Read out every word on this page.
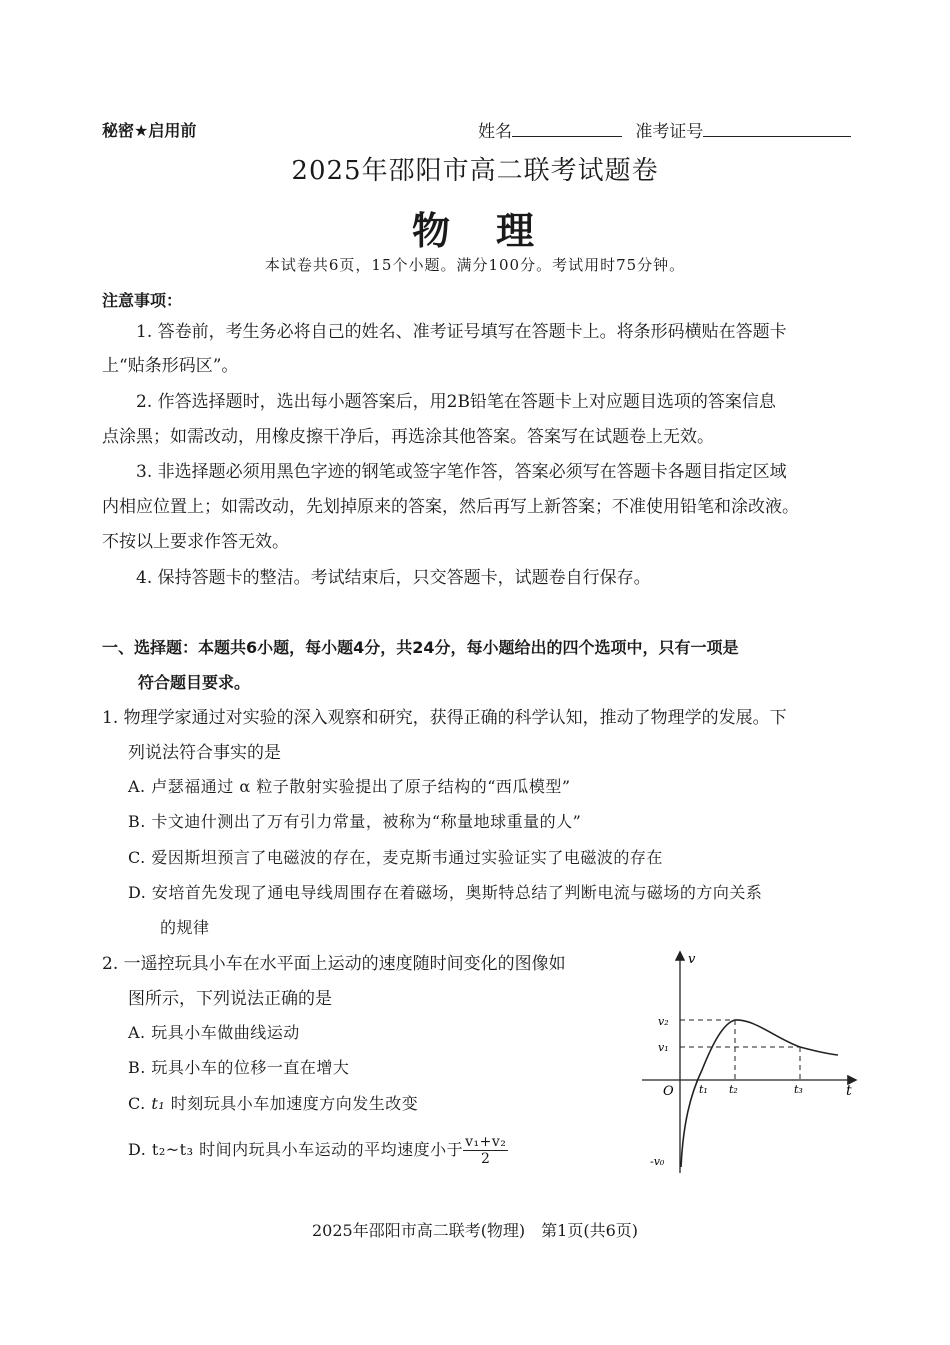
秘密★启用前	姓名	准考证号
2025年邵阳市高二联考试题卷
物　理
本试卷共6页，15个小题。满分100分。考试用时75分钟。
注意事项：
1. 答卷前，考生务必将自己的姓名、准考证号填写在答题卡上。将条形码横贴在答题卡
上“贴条形码区”。
2. 作答选择题时，选出每小题答案后，用2B铅笔在答题卡上对应题目选项的答案信息
点涂黑；如需改动，用橡皮擦干净后，再选涂其他答案。答案写在试题卷上无效。
3. 非选择题必须用黑色字迹的钢笔或签字笔作答，答案必须写在答题卡各题目指定区域
内相应位置上；如需改动，先划掉原来的答案，然后再写上新答案；不准使用铅笔和涂改液。
不按以上要求作答无效。
4. 保持答题卡的整洁。考试结束后，只交答题卡，试题卷自行保存。
一、选择题：本题共6小题，每小题4分，共24分，每小题给出的四个选项中，只有一项是
符合题目要求。
1. 物理学家通过对实验的深入观察和研究，获得正确的科学认知，推动了物理学的发展。下
列说法符合事实的是
A. 卢瑟福通过 α 粒子散射实验提出了原子结构的“西瓜模型”
B. 卡文迪什测出了万有引力常量，被称为“称量地球重量的人”
C. 爱因斯坦预言了电磁波的存在，麦克斯韦通过实验证实了电磁波的存在
D. 安培首先发现了通电导线周围存在着磁场，奥斯特总结了判断电流与磁场的方向关系
的规律
2. 一遥控玩具小车在水平面上运动的速度随时间变化的图像如
图所示，下列说法正确的是
A. 玩具小车做曲线运动
B. 玩具小车的位移一直在增大
C. t₁ 时刻玩具小车加速度方向发生改变
D. t₂~t₃ 时间内玩具小车运动的平均速度小于 $\frac{\text{v₁+v₂}}{2}$
v
t
O
v₂
v₁
-v₀
t₁ t₂	t₃
2025年邵阳市高二联考(物理)　第1页(共6页)
